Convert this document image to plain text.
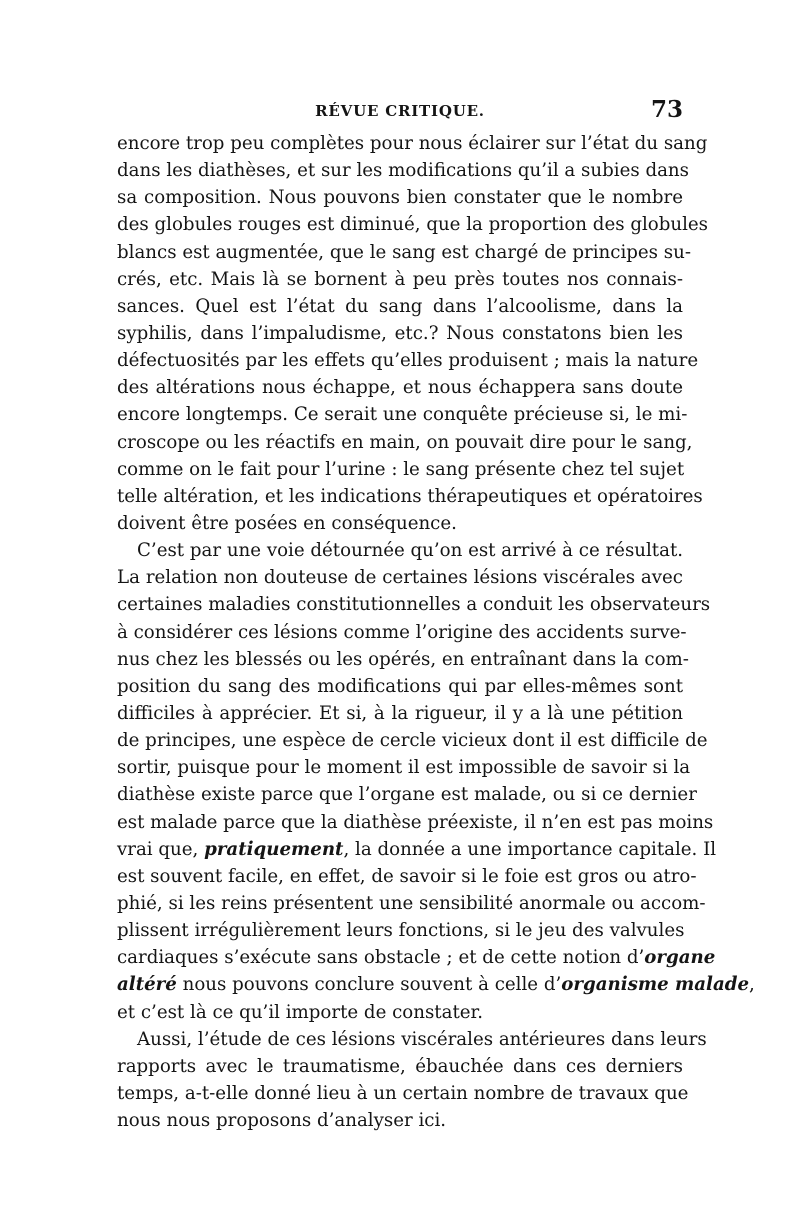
RÉVUE CRITIQUE.	73
encore trop peu complètes pour nous éclairer sur l’état du sang
dans les diathèses, et sur les modifications qu’il a subies dans
sa composition. Nous pouvons bien constater que le nombre
des globules rouges est diminué, que la proportion des globules
blancs est augmentée, que le sang est chargé de principes su-
crés, etc. Mais là se bornent à peu près toutes nos connais-
sances. Quel est l’état du sang dans l’alcoolisme, dans la
syphilis, dans l’impaludisme, etc.? Nous constatons bien les
défectuosités par les effets qu’elles produisent ; mais la nature
des altérations nous échappe, et nous échappera sans doute
encore longtemps. Ce serait une conquête précieuse si, le mi-
croscope ou les réactifs en main, on pouvait dire pour le sang,
comme on le fait pour l’urine : le sang présente chez tel sujet
telle altération, et les indications thérapeutiques et opératoires
doivent être posées en conséquence.
C’est par une voie détournée qu’on est arrivé à ce résultat.
La relation non douteuse de certaines lésions viscérales avec
certaines maladies constitutionnelles a conduit les observateurs
à considérer ces lésions comme l’origine des accidents surve-
nus chez les blessés ou les opérés, en entraînant dans la com-
position du sang des modifications qui par elles-mêmes sont
difficiles à apprécier. Et si, à la rigueur, il y a là une pétition
de principes, une espèce de cercle vicieux dont il est difficile de
sortir, puisque pour le moment il est impossible de savoir si la
diathèse existe parce que l’organe est malade, ou si ce dernier
est malade parce que la diathèse préexiste, il n’en est pas moins
vrai que, pratiquement, la donnée a une importance capitale. Il
est souvent facile, en effet, de savoir si le foie est gros ou atro-
phié, si les reins présentent une sensibilité anormale ou accom-
plissent irrégulièrement leurs fonctions, si le jeu des valvules
cardiaques s’exécute sans obstacle ; et de cette notion d’organe
altéré nous pouvons conclure souvent à celle d’organisme malade,
et c’est là ce qu’il importe de constater.
Aussi, l’étude de ces lésions viscérales antérieures dans leurs
rapports avec le traumatisme, ébauchée dans ces derniers
temps, a-t-elle donné lieu à un certain nombre de travaux que
nous nous proposons d’analyser ici.
